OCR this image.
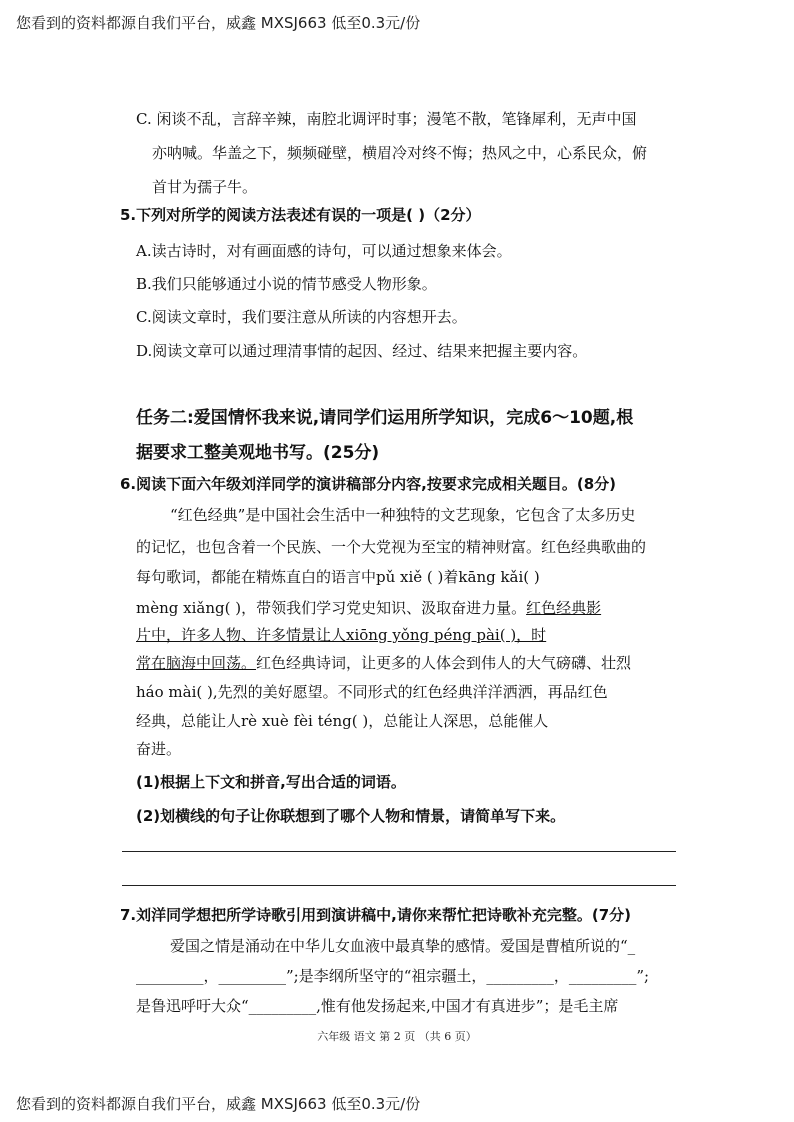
您看到的资料都源自我们平台，威鑫 MXSJ663 低至0.3元/份
C. 闲谈不乱，言辞辛辣，南腔北调评时事；漫笔不散，笔锋犀利，无声中国
亦呐喊。华盖之下，频频碰壁，横眉冷对终不悔；热风之中，心系民众，俯
首甘为孺子牛。
5.下列对所学的阅读方法表述有误的一项是( )（2分）
A.读古诗时，对有画面感的诗句，可以通过想象来体会。
B.我们只能够通过小说的情节感受人物形象。
C.阅读文章时，我们要注意从所读的内容想开去。
D.阅读文章可以通过理清事情的起因、经过、结果来把握主要内容。
任务二:爱国情怀我来说,请同学们运用所学知识，完成6～10题,根
据要求工整美观地书写。(25分)
6.阅读下面六年级刘洋同学的演讲稿部分内容,按要求完成相关题目。(8分)
“红色经典”是中国社会生活中一种独特的文艺现象，它包含了太多历史
的记忆，也包含着一个民族、一个大党视为至宝的精神财富。红色经典歌曲的
每句歌词，都能在精炼直白的语言中pǔ xiě ( )着kāng kǎi( )
mèng xiǎng( )，带领我们学习党史知识、汲取奋进力量。红色经典影
片中，许多人物、许多情景让人xiōng yǒng péng pài( )，时
常在脑海中回荡。红色经典诗词，让更多的人体会到伟人的大气磅礴、壮烈
háo mài( ),先烈的美好愿望。不同形式的红色经典洋洋洒洒，再品红色
经典，总能让人rè xuè fèi téng( )，总能让人深思，总能催人
奋进。
(1)根据上下文和拼音,写出合适的词语。
(2)划横线的句子让你联想到了哪个人物和情景，请简单写下来。
7.刘洋同学想把所学诗歌引用到演讲稿中,请你来帮忙把诗歌补充完整。(7分)
爱国之情是涌动在中华儿女血液中最真挚的感情。爱国是曹植所说的“_
_________，_________”;是李纲所坚守的“祖宗疆土，_________，_________”;
是鲁迅呼吁大众“_________,惟有他发扬起来,中国才有真进步”；是毛主席
六年级 语文 第 2 页 （共 6 页）
您看到的资料都源自我们平台，威鑫 MXSJ663 低至0.3元/份
